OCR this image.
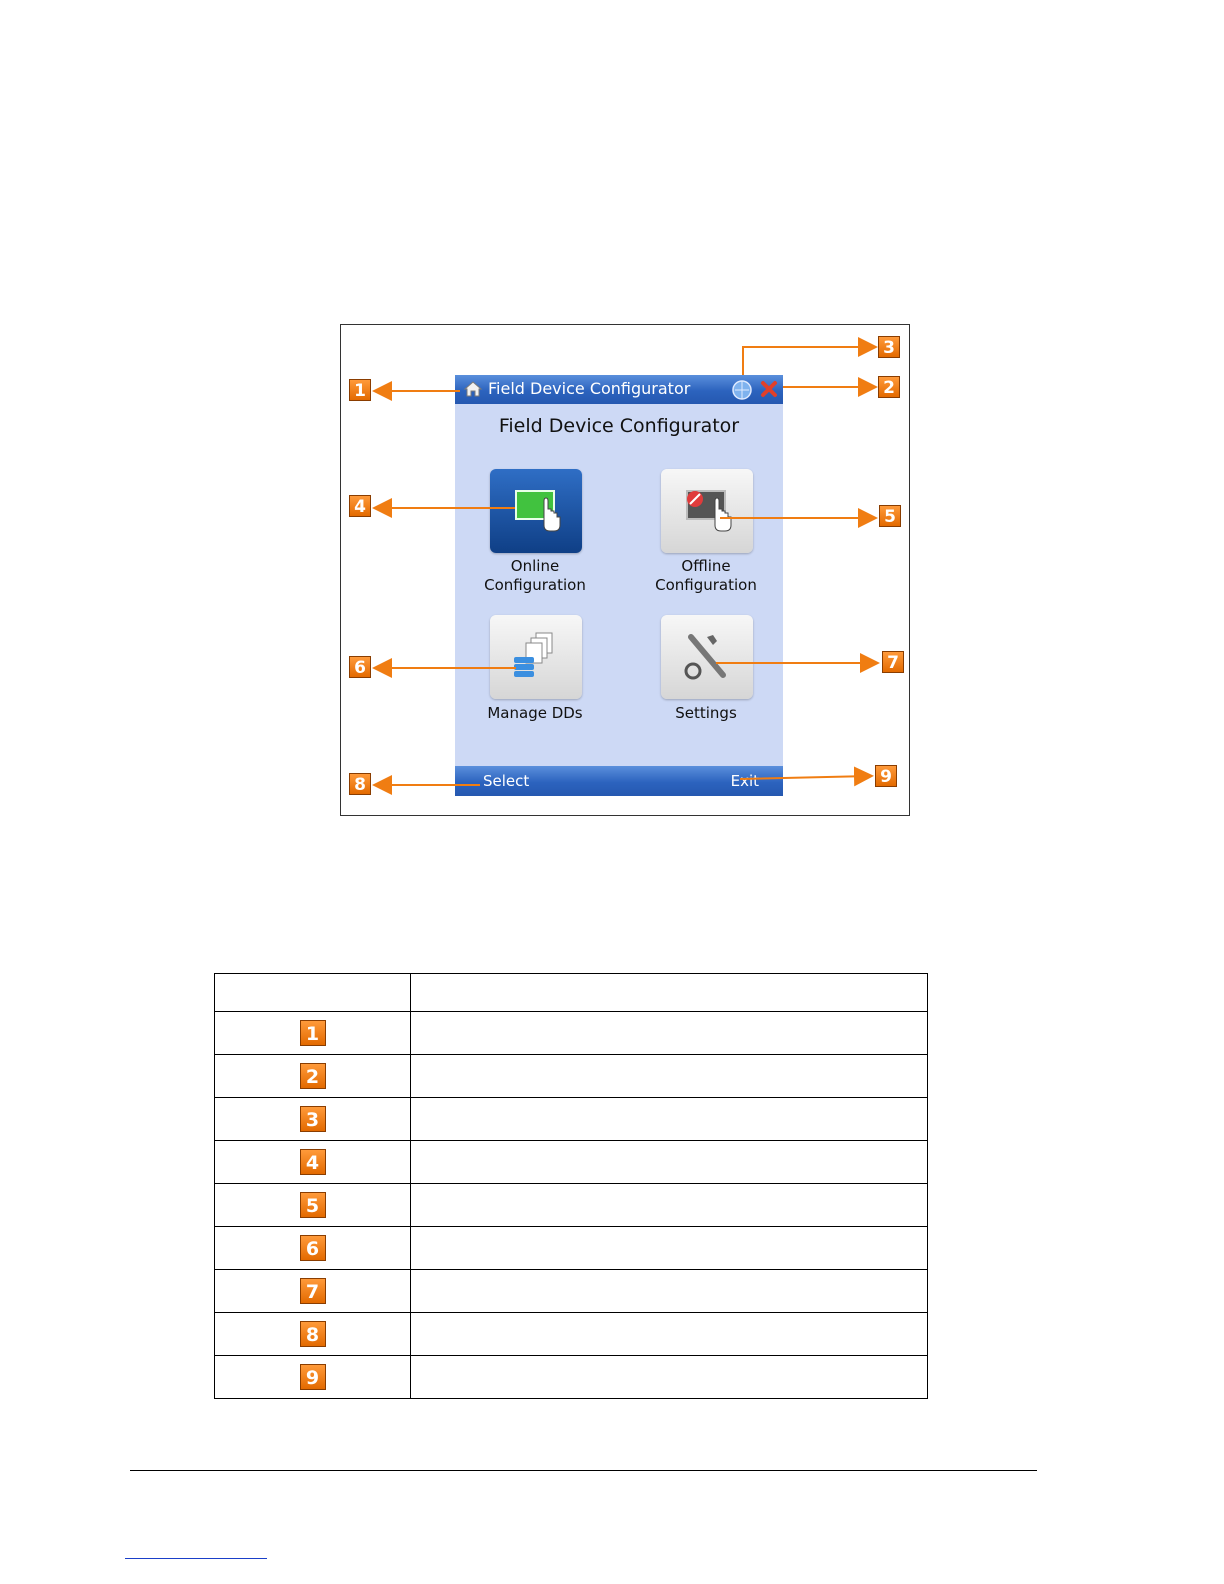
Field Device Configurator
Field Device Configurator
Online
Configuration
Offline
Configuration
Manage DDs	Settings
Select	Exit
1	2
3
4	5
6	7
8	9

1	
2	
3	
4	
5	
6	
7	
8	
9	
